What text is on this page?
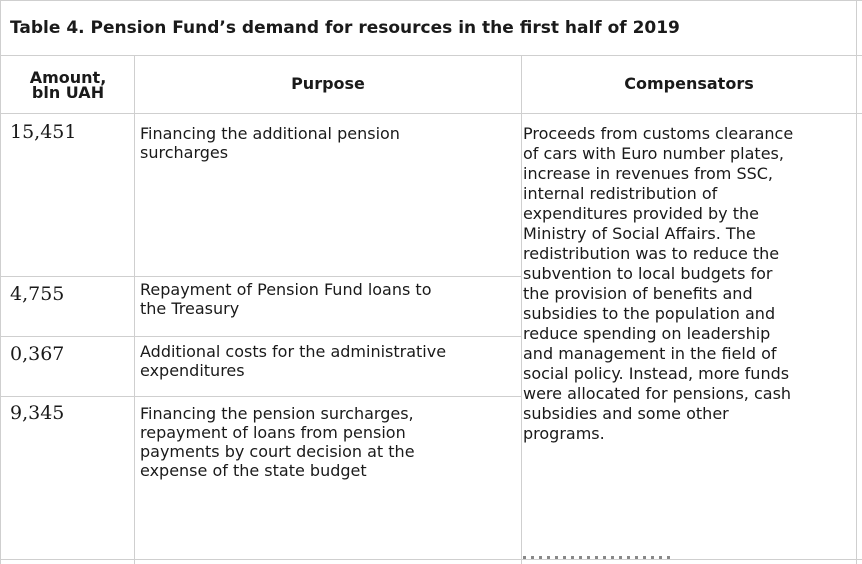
Table 4. Pension Fund’s demand for resources in the first half of 2019
Amount,
bln UAH	Purpose	Compensators
15,451	Financing the additional pension
surcharges
4,755	Repayment of Pension Fund loans to
the Treasury
0,367	Additional costs for the administrative
expenditures
9,345	Financing the pension surcharges,
repayment of loans from pension
payments by court decision at the
expense of the state budget
Proceeds from customs clearance
of cars with Euro number plates,
increase in revenues from SSC,
internal redistribution of
expenditures provided by the
Ministry of Social Affairs. The
redistribution was to reduce the
subvention to local budgets for
the provision of benefits and
subsidies to the population and
reduce spending on leadership
and management in the field of
social policy. Instead, more funds
were allocated for pensions, cash
subsidies and some other
programs.
